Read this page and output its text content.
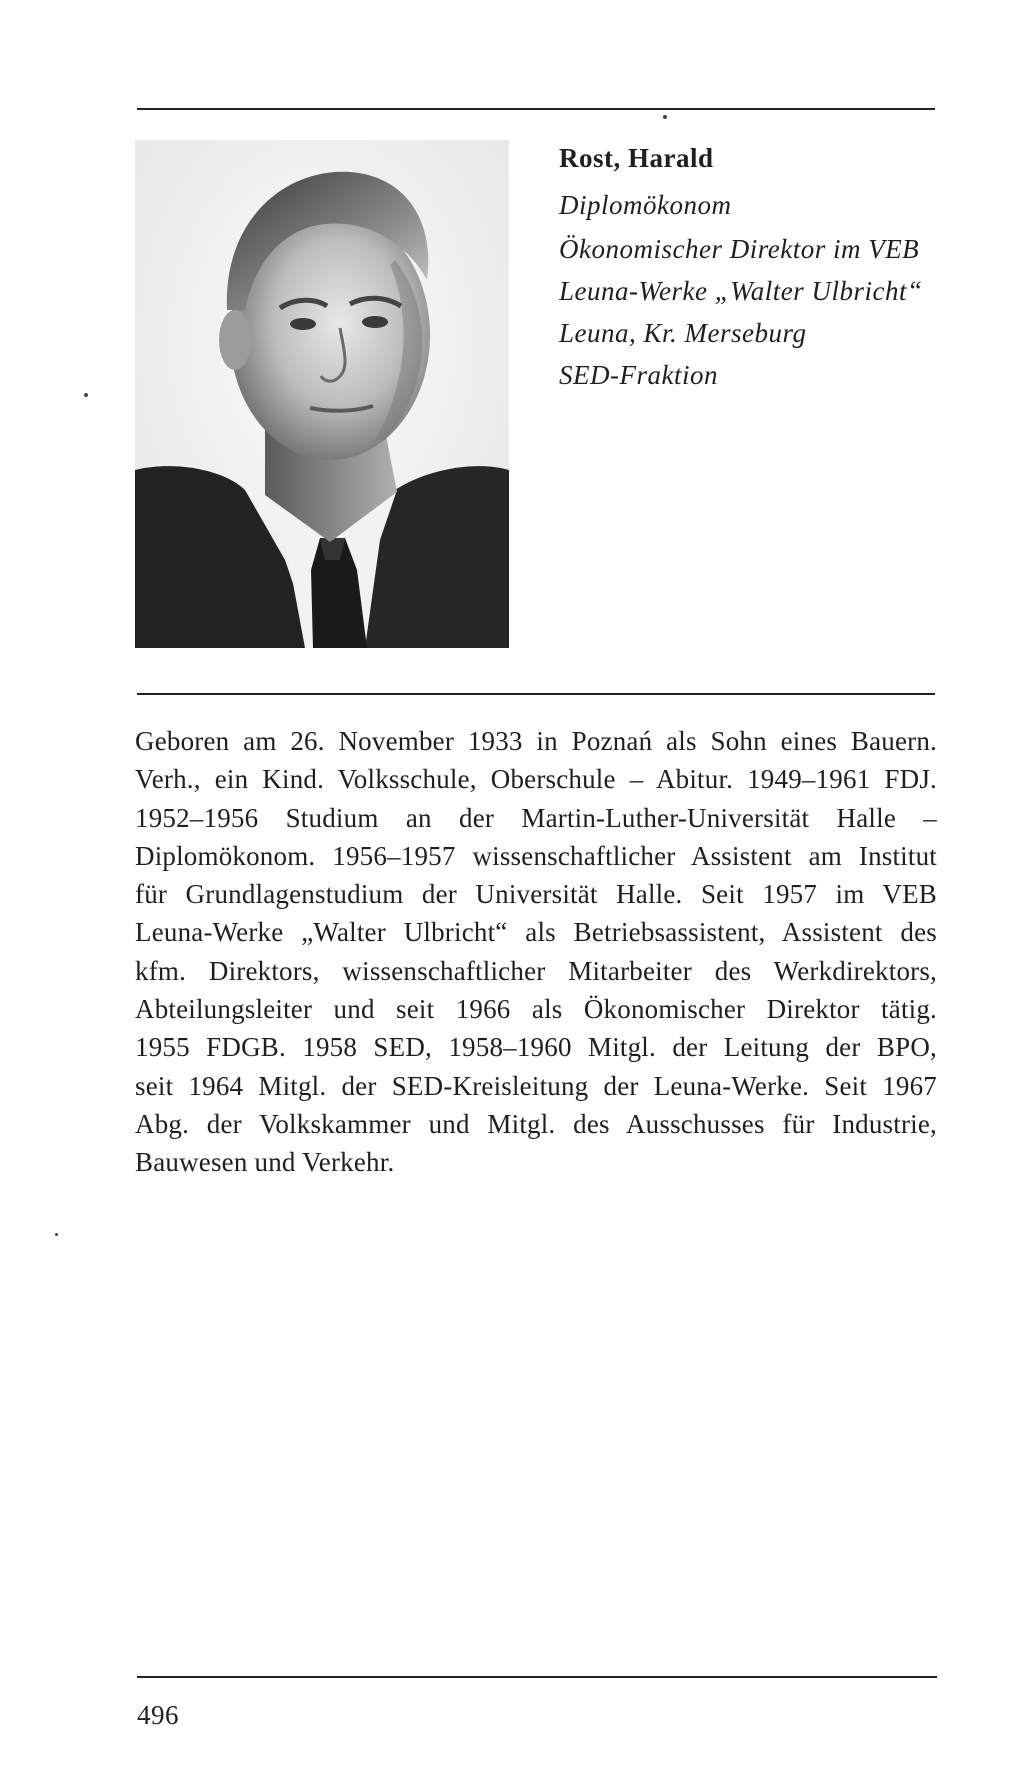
Rost, Harald
Diplomökonom
Ökonomischer Direktor im VEB
Leuna-Werke „Walter Ulbricht“
Leuna, Kr. Merseburg
SED-Fraktion
Geboren am 26. November 1933 in Poznań als Sohn eines Bauern.
Verh., ein Kind. Volksschule, Oberschule – Abitur. 1949–1961 FDJ.
1952–1956 Studium an der Martin-Luther-Universität Halle –
Diplomökonom. 1956–1957 wissenschaftlicher Assistent am Institut
für Grundlagenstudium der Universität Halle. Seit 1957 im VEB
Leuna-Werke „Walter Ulbricht“ als Betriebsassistent, Assistent des
kfm. Direktors, wissenschaftlicher Mitarbeiter des Werkdirektors,
Abteilungsleiter und seit 1966 als Ökonomischer Direktor tätig.
1955 FDGB. 1958 SED, 1958–1960 Mitgl. der Leitung der BPO,
seit 1964 Mitgl. der SED-Kreisleitung der Leuna-Werke. Seit 1967
Abg. der Volkskammer und Mitgl. des Ausschusses für Industrie,
Bauwesen und Verkehr.
496
